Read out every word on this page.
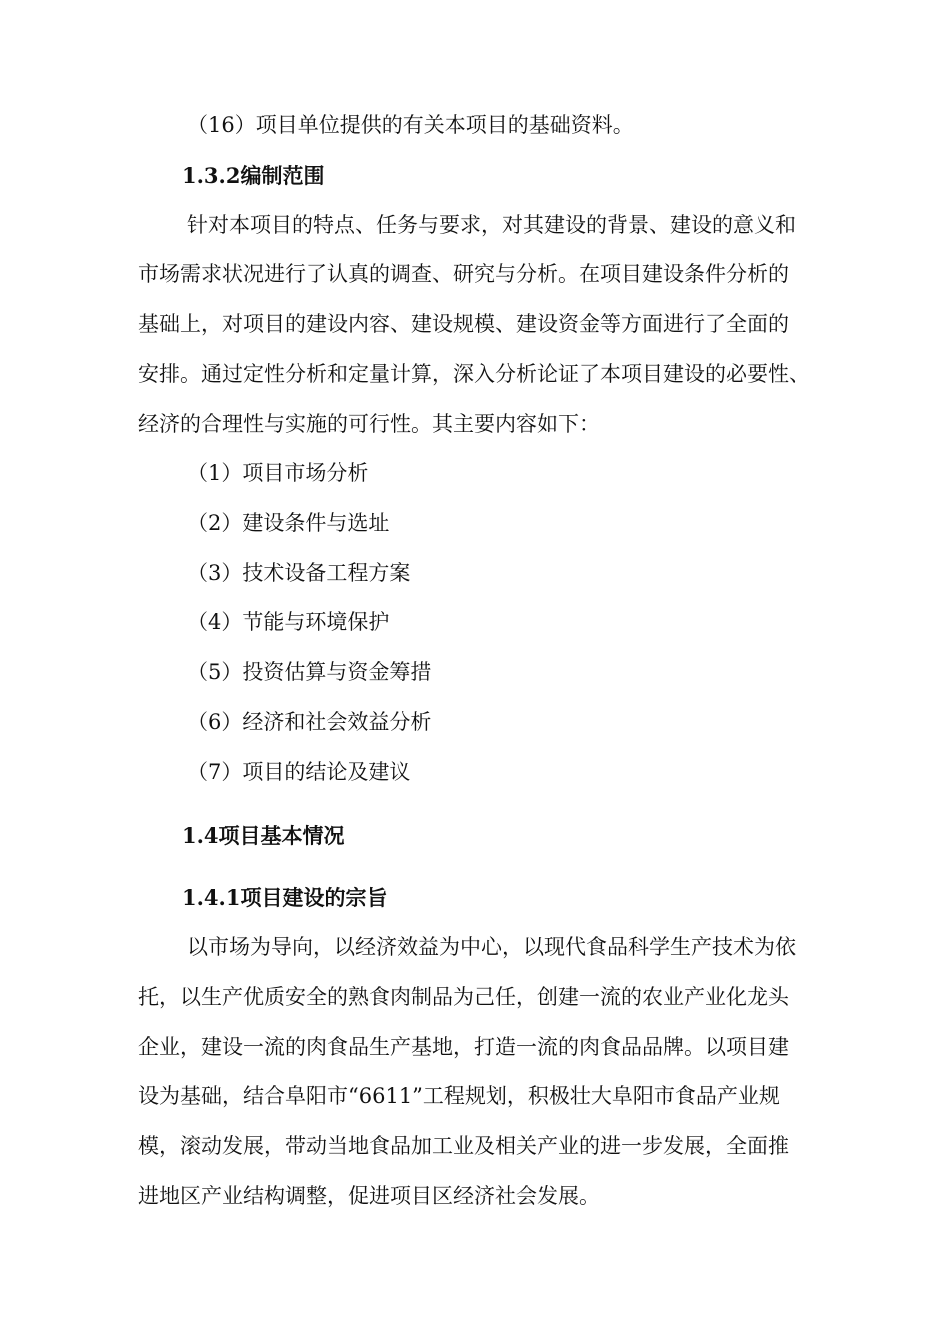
（16）项目单位提供的有关本项目的基础资料。

1.3.2编制范围

针对本项目的特点、任务与要求，对其建设的背景、建设的意义和

市场需求状况进行了认真的调查、研究与分析。在项目建设条件分析的

基础上，对项目的建设内容、建设规模、建设资金等方面进行了全面的

安排。通过定性分析和定量计算，深入分析论证了本项目建设的必要性、

经济的合理性与实施的可行性。其主要内容如下：

（1）项目市场分析

（2）建设条件与选址

（3）技术设备工程方案

（4）节能与环境保护

（5）投资估算与资金筹措

（6）经济和社会效益分析

（7）项目的结论及建议

1.4项目基本情况

1.4.1项目建设的宗旨

以市场为导向，以经济效益为中心，以现代食品科学生产技术为依

托，以生产优质安全的熟食肉制品为己任，创建一流的农业产业化龙头

企业，建设一流的肉食品生产基地，打造一流的肉食品品牌。以项目建

设为基础，结合阜阳市“6611”工程规划，积极壮大阜阳市食品产业规

模，滚动发展，带动当地食品加工业及相关产业的进一步发展，全面推

进地区产业结构调整，促进项目区经济社会发展。
